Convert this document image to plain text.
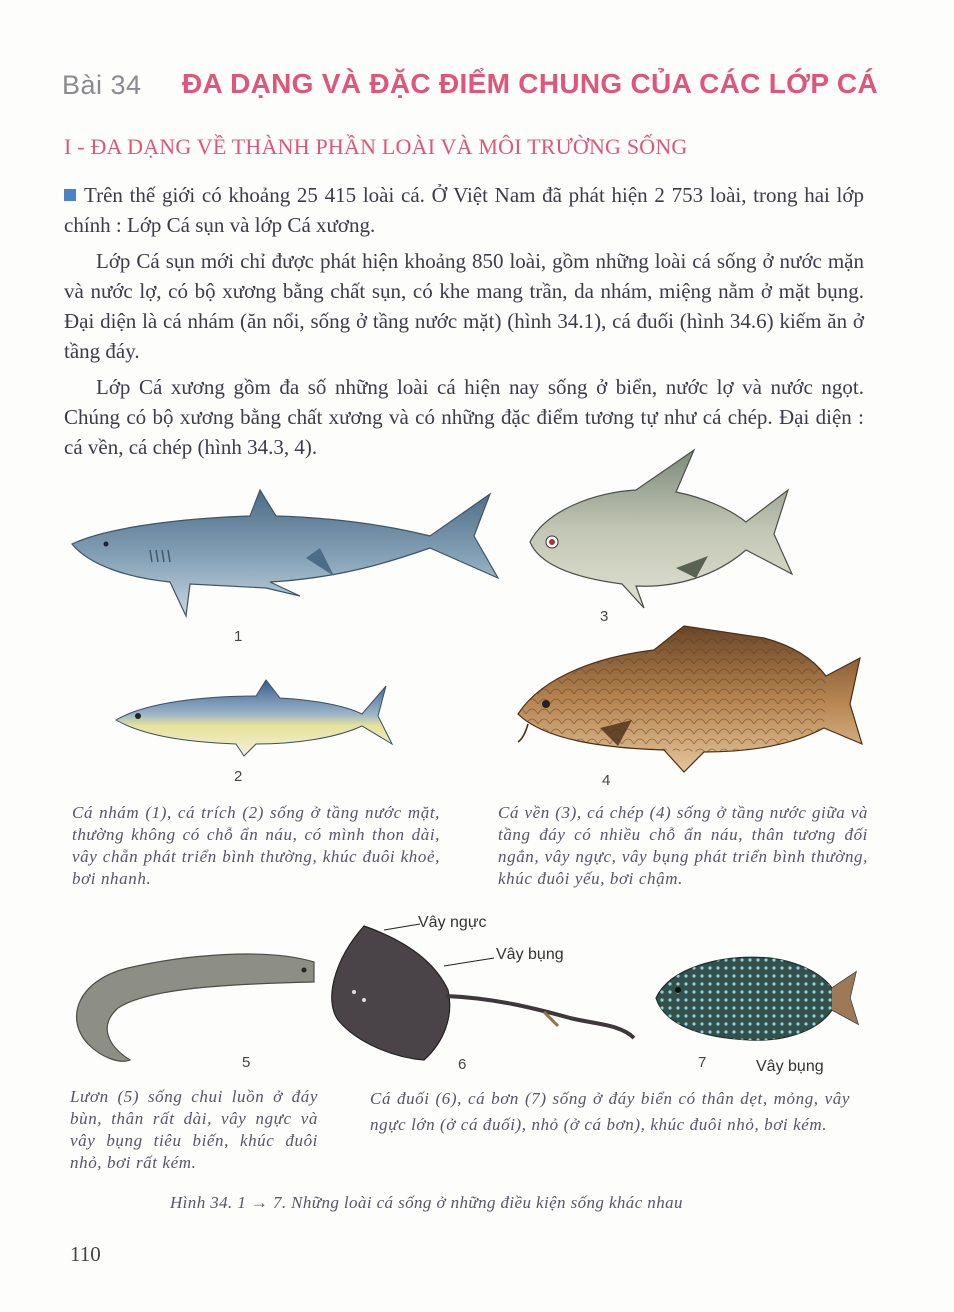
Bài 34 ĐA DẠNG VÀ ĐẶC ĐIỂM CHUNG CỦA CÁC LỚP CÁ
I - ĐA DẠNG VỀ THÀNH PHẦN LOÀI VÀ MÔI TRƯỜNG SỐNG
Trên thế giới có khoảng 25 415 loài cá. Ở Việt Nam đã phát hiện 2 753 loài, trong hai lớp chính : Lớp Cá sụn và lớp Cá xương.
Lớp Cá sụn mới chỉ được phát hiện khoảng 850 loài, gồm những loài cá sống ở nước mặn và nước lợ, có bộ xương bằng chất sụn, có khe mang trần, da nhám, miệng nằm ở mặt bụng. Đại diện là cá nhám (ăn nổi, sống ở tầng nước mặt) (hình 34.1), cá đuối (hình 34.6) kiếm ăn ở tầng đáy.
Lớp Cá xương gồm đa số những loài cá hiện nay sống ở biển, nước lợ và nước ngọt. Chúng có bộ xương bằng chất xương và có những đặc điểm tương tự như cá chép. Đại diện : cá vền, cá chép (hình 34.3, 4).
1
2
3
4
Cá nhám (1), cá trích (2) sống ở tầng nước mặt, thường không có chỗ ẩn náu, có mình thon dài, vây chẵn phát triển bình thường, khúc đuôi khoẻ, bơi nhanh.
Cá vền (3), cá chép (4) sống ở tầng nước giữa và tầng đáy có nhiều chỗ ẩn náu, thân tương đối ngắn, vây ngực, vây bụng phát triển bình thường, khúc đuôi yếu, bơi chậm.
5
Vây ngực
Vây bụng
6	7	Vây bụng
Lươn (5) sống chui luồn ở đáy bùn, thân rất dài, vây ngực và vây bụng tiêu biến, khúc đuôi nhỏ, bơi rất kém.
Cá đuối (6), cá bơn (7) sống ở đáy biển có thân dẹt, mỏng, vây ngực lớn (ở cá đuối), nhỏ (ở cá bơn), khúc đuôi nhỏ, bơi kém.
Hình 34. 1 → 7. Những loài cá sống ở những điều kiện sống khác nhau
110
